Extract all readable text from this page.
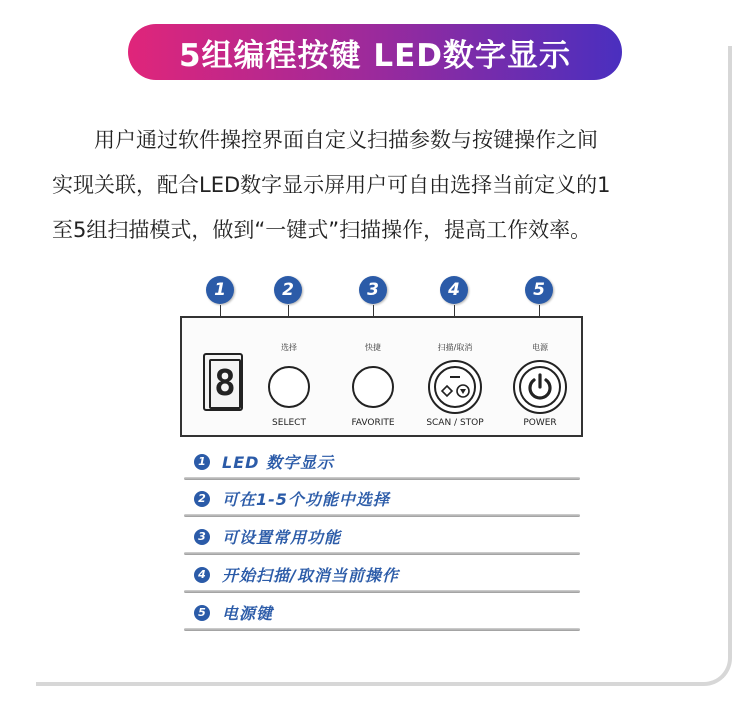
5组编程按键 LED数字显示
用户通过软件操控界面自定义扫描参数与按键操作之间
实现关联，配合LED数字显示屏用户可自由选择当前定义的1
至5组扫描模式，做到“一键式”扫描操作，提高工作效率。
1	2	3	4	5
8
选择
SELECT
快捷
FAVORITE
扫描/取消
SCAN / STOP
电源
POWER
1 LED 数字显示
2 可在1-5个功能中选择
3 可设置常用功能
4 开始扫描/取消当前操作
5 电源键
